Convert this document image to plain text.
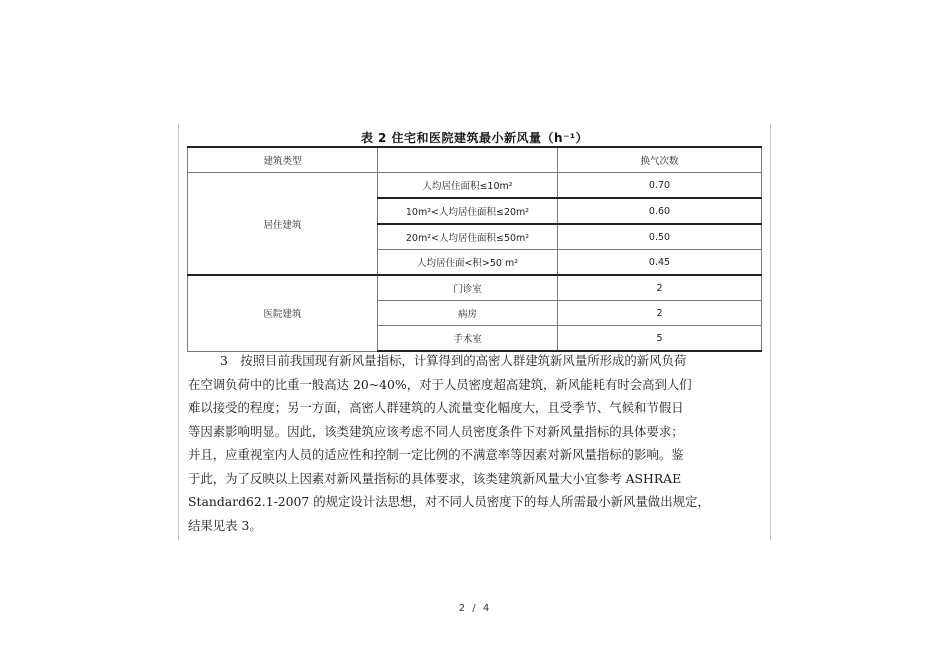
表 2 住宅和医院建筑最小新风量（h⁻¹）
建筑类型		换气次数
居住建筑	人均居住面积≤10m²	0.70
	10m²<人均居住面积≤20m²	0.60
	20m²<人均居住面积≤50m²	0.50
	人均居住面<积>50 m²	0.45
医院建筑	门诊室	2
	病房	2
	手术室	5
3　按照目前我国现有新风量指标，计算得到的高密人群建筑新风量所形成的新风负荷
在空调负荷中的比重一般高达 20~40%，对于人员密度超高建筑，新风能耗有时会高到人们
难以接受的程度；另一方面，高密人群建筑的人流量变化幅度大，且受季节、气候和节假日
等因素影响明显。因此，该类建筑应该考虑不同人员密度条件下对新风量指标的具体要求；
并且，应重视室内人员的适应性和控制一定比例的不满意率等因素对新风量指标的影响。鉴
于此，为了反映以上因素对新风量指标的具体要求，该类建筑新风量大小宜参考 ASHRAE
Standard62.1-2007 的规定设计法思想，对不同人员密度下的每人所需最小新风量做出规定，
结果见表 3。
2 / 4
